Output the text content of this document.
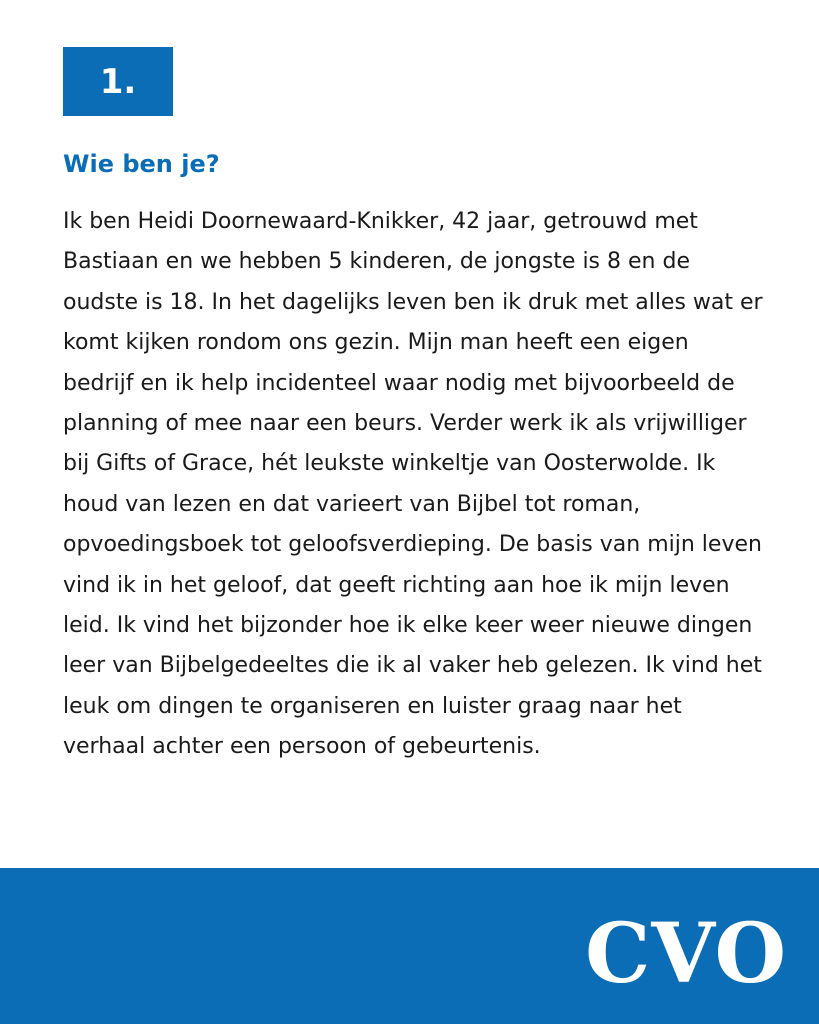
1.
Wie ben je?

Ik ben Heidi Doornewaard-Knikker, 42 jaar, getrouwd met Bastiaan en we hebben 5 kinderen, de jongste is 8 en de oudste is 18. In het dagelijks leven ben ik druk met alles wat er komt kijken rondom ons gezin. Mijn man heeft een eigen bedrijf en ik help incidenteel waar nodig met bijvoorbeeld de planning of mee naar een beurs. Verder werk ik als vrijwilliger bij Gifts of Grace, hét leukste winkeltje van Oosterwolde. Ik houd van lezen en dat varieert van Bijbel tot roman, opvoedingsboek tot geloofsverdieping. De basis van mijn leven vind ik in het geloof, dat geeft richting aan hoe ik mijn leven leid. Ik vind het bijzonder hoe ik elke keer weer nieuwe dingen leer van Bijbelgedeeltes die ik al vaker heb gelezen. Ik vind het leuk om dingen te organiseren en luister graag naar het verhaal achter een persoon of gebeurtenis.

CVO
